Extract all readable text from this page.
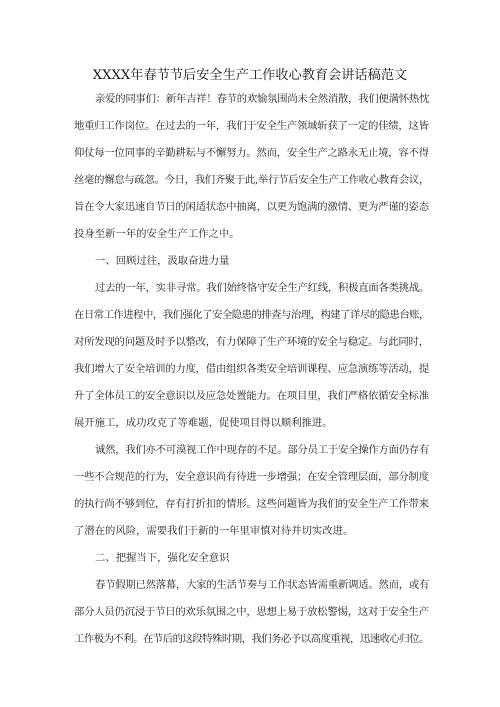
XXXX年春节节后安全生产工作收心教育会讲话稿范文
亲爱的同事们：新年吉祥！春节的欢愉氛围尚未全然消散，我们便满怀热忱
地重归工作岗位。在过去的一年，我们于安全生产领域斩获了一定的佳绩，这皆
仰仗每一位同事的辛勤耕耘与不懈努力。然而，安全生产之路永无止境，容不得
丝毫的懈怠与疏忽。今日，我们齐聚于此,举行节后安全生产工作收心教育会议，
旨在令大家迅速自节日的闲适状态中抽离，以更为饱满的激情、更为严谨的姿态
投身至新一年的安全生产工作之中。
一、回顾过往，汲取奋进力量
过去的一年，实非寻常。我们始终恪守安全生产红线，积极直面各类挑战。
在日常工作进程中，我们强化了安全隐患的排查与治理，构建了详尽的隐患台账，
对所发现的问题及时予以整改，有力保障了生产环境的安全与稳定。与此同时，
我们增大了安全培训的力度，借由组织各类安全培训课程、应急演练等活动，提
升了全体员工的安全意识以及应急处置能力。在项目里，我们严格依循安全标准
展开施工，成功攻克了等难题，促使项目得以顺利推进。
诚然，我们亦不可漠视工作中现存的不足。部分员工于安全操作方面仍存有
一些不合规范的行为，安全意识尚有待进一步增强；在安全管理层面，部分制度
的执行尚不够到位，存有打折扣的情形。这些问题皆为我们的安全生产工作带来
了潜在的风险，需要我们于新的一年里审慎对待并切实改进。
二、把握当下，强化安全意识
春节假期已然落幕，大家的生活节奏与工作状态皆需重新调适。然而，或有
部分人员仍沉浸于节日的欢乐氛围之中，思想上易于放松警惕，这对于安全生产
工作极为不利。在节后的这段特殊时期，我们务必予以高度重视，迅速收心归位。
